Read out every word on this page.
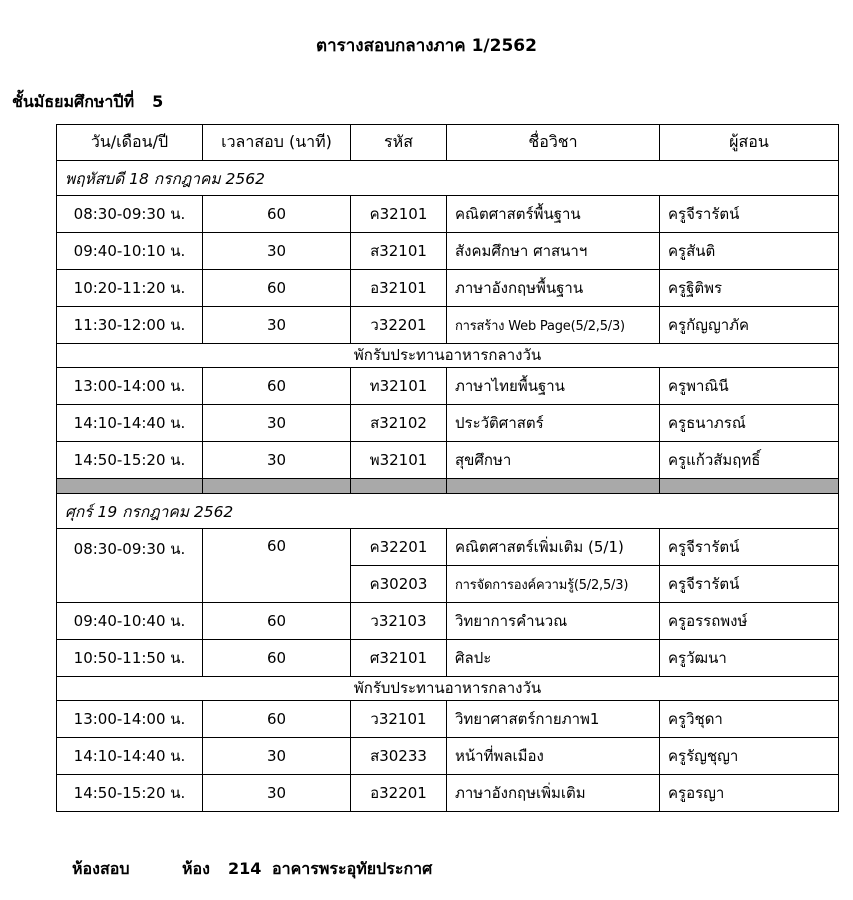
ตารางสอบกลางภาค 1/2562
ชั้นมัธยมศึกษาปีที่ 5
วัน/เดือน/ปี	เวลาสอบ (นาที)	รหัส	ชื่อวิชา	ผู้สอน
พฤหัสบดี 18 กรกฎาคม 2562				
08:30-09:30 น.	60	ค32101	คณิตศาสตร์พื้นฐาน	ครูจีรารัตน์
09:40-10:10 น.	30	ส32101	สังคมศึกษา ศาสนาฯ	ครูสันติ
10:20-11:20 น.	60	อ32101	ภาษาอังกฤษพื้นฐาน	ครูฐิติพร
11:30-12:00 น.	30	ว32201	การสร้าง Web Page(5/2,5/3)	ครูกัญญาภัค
พักรับประทานอาหารกลางวัน				
13:00-14:00 น.	60	ท32101	ภาษาไทยพื้นฐาน	ครูพาณินี
14:10-14:40 น.	30	ส32102	ประวัติศาสตร์	ครูธนาภรณ์
14:50-15:20 น.	30	พ32101	สุขศึกษา	ครูแก้วสัมฤทธิ์

ศุกร์ 19 กรกฎาคม 2562				
08:30-09:30 น.	60	ค32201	คณิตศาสตร์เพิ่มเติม (5/1)	ครูจีรารัตน์
		ค30203	การจัดการองค์ความรู้(5/2,5/3)	ครูจีรารัตน์
09:40-10:40 น.	60	ว32103	วิทยาการคำนวณ	ครูอรรถพงษ์
10:50-11:50 น.	60	ศ32101	ศิลปะ	ครูวัฒนา
พักรับประทานอาหารกลางวัน				
13:00-14:00 น.	60	ว32101	วิทยาศาสตร์กายภาพ1	ครูวิชุดา
14:10-14:40 น.	30	ส30233	หน้าที่พลเมือง	ครูรัญชุญา
14:50-15:20 น.	30	อ32201	ภาษาอังกฤษเพิ่มเติม	ครูอรญา
ห้องสอบ	ห้อง 214 อาคารพระอุทัยประกาศ
